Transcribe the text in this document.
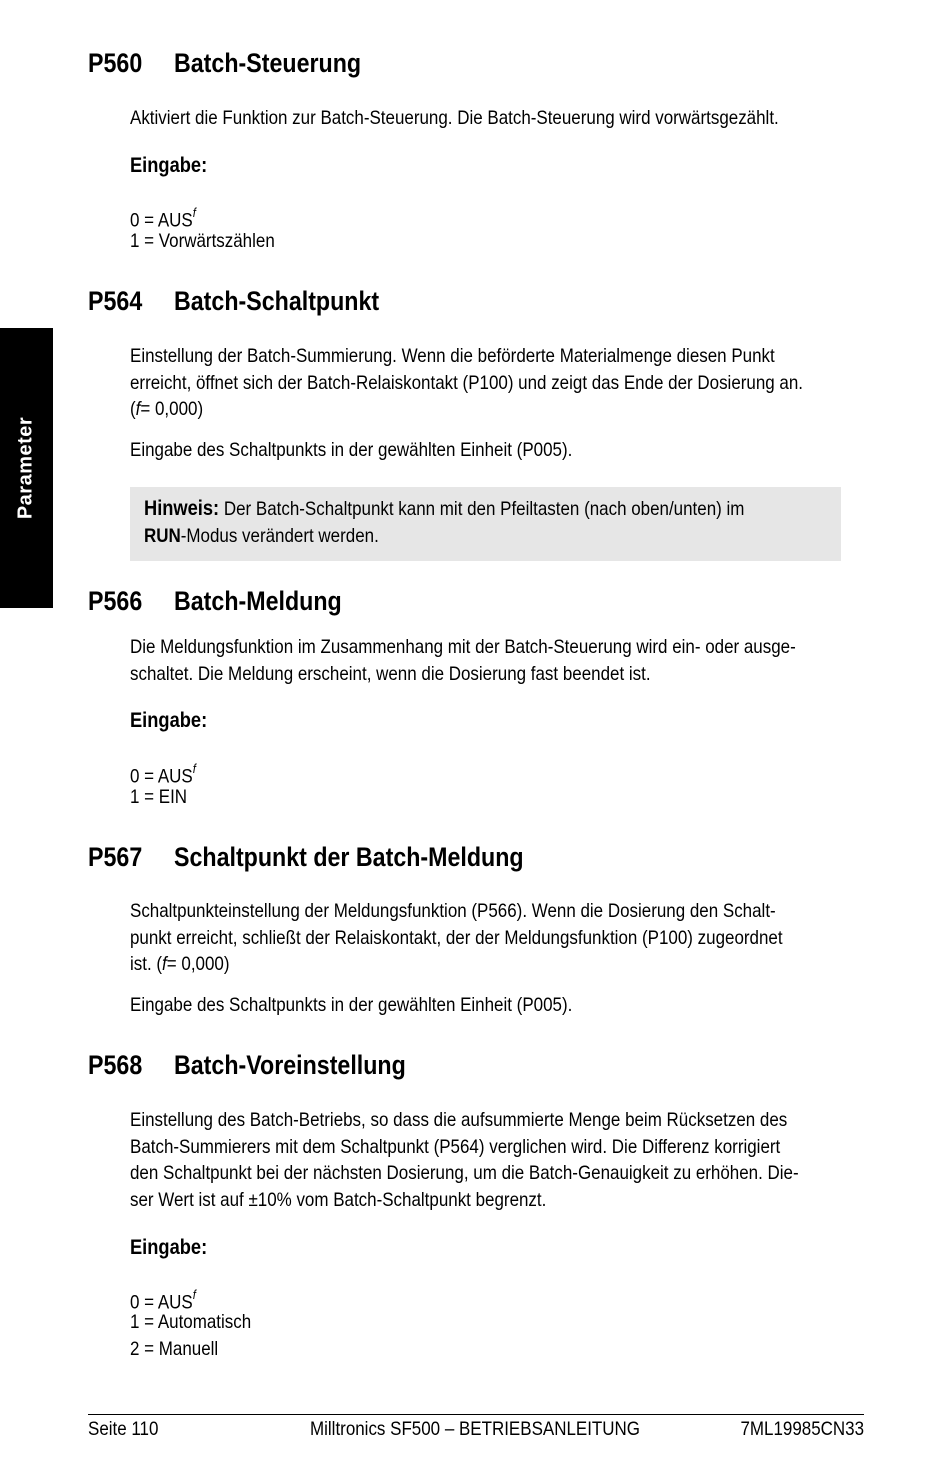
Parameter
P560 Batch-Steuerung
Aktiviert die Funktion zur Batch-Steuerung. Die Batch-Steuerung wird vorwärtsgezählt.
Eingabe:
$0 = AUS^f$
1 = Vorwärtszählen
P564 Batch-Schaltpunkt
Einstellung der Batch-Summierung. Wenn die beförderte Materialmenge diesen Punkt
erreicht, öffnet sich der Batch-Relaiskontakt (P100) und zeigt das Ende der Dosierung an.
(f= 0,000)
Eingabe des Schaltpunkts in der gewählten Einheit (P005).
Hinweis: Der Batch-Schaltpunkt kann mit den Pfeiltasten (nach oben/unten) im
RUN-Modus verändert werden.
P566 Batch-Meldung
Die Meldungsfunktion im Zusammenhang mit der Batch-Steuerung wird ein- oder ausge-
schaltet. Die Meldung erscheint, wenn die Dosierung fast beendet ist.
Eingabe:
$0 = AUS^f$
1 = EIN
P567 Schaltpunkt der Batch-Meldung
Schaltpunkteinstellung der Meldungsfunktion (P566). Wenn die Dosierung den Schalt-
punkt erreicht, schließt der Relaiskontakt, der der Meldungsfunktion (P100) zugeordnet
ist. (f= 0,000)
Eingabe des Schaltpunkts in der gewählten Einheit (P005).
P568 Batch-Voreinstellung
Einstellung des Batch-Betriebs, so dass die aufsummierte Menge beim Rücksetzen des
Batch-Summierers mit dem Schaltpunkt (P564) verglichen wird. Die Differenz korrigiert
den Schaltpunkt bei der nächsten Dosierung, um die Batch-Genauigkeit zu erhöhen. Die-
ser Wert ist auf ±10% vom Batch-Schaltpunkt begrenzt.
Eingabe:
$0 = AUS^f$
1 = Automatisch
2 = Manuell
Seite 110	Milltronics SF500 – BETRIEBSANLEITUNG	7ML19985CN33
